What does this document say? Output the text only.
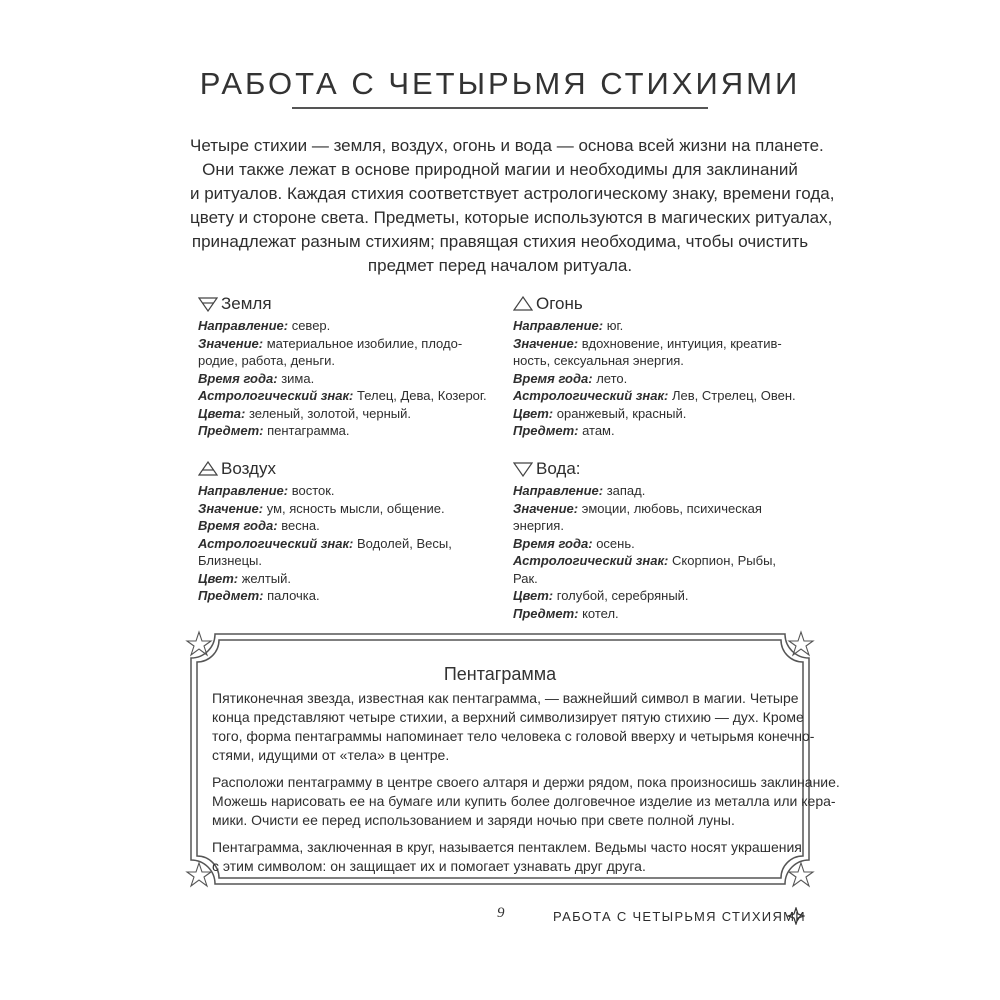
РАБОТА С ЧЕТЫРЬМЯ СТИХИЯМИ

Четыре стихии — земля, воздух, огонь и вода — основа всей жизни на планете.
Они также лежат в основе природной магии и необходимы для заклинаний
и ритуалов. Каждая стихия соответствует астрологическому знаку, времени года,
цвету и стороне света. Предметы, которые используются в магических ритуалах,
принадлежат разным стихиям; правящая стихия необходима, чтобы очистить
предмет перед началом ритуала.

Земля
Направление: север.
Значение: материальное изобилие, плодо-
родие, работа, деньги.
Время года: зима.
Астрологический знак: Телец, Дева, Козерог.
Цвета: зеленый, золотой, черный.
Предмет: пентаграмма.
Огонь
Направление: юг.
Значение: вдохновение, интуиция, креатив-
ность, сексуальная энергия.
Время года: лето.
Астрологический знак: Лев, Стрелец, Овен.
Цвет: оранжевый, красный.
Предмет: атам.
Воздух
Направление: восток.
Значение: ум, ясность мысли, общение.
Время года: весна.
Астрологический знак: Водолей, Весы,
Близнецы.
Цвет: желтый.
Предмет: палочка.
Вода:
Направление: запад.
Значение: эмоции, любовь, психическая
энергия.
Время года: осень.
Астрологический знак: Скорпион, Рыбы,
Рак.
Цвет: голубой, серебряный.
Предмет: котел.
Пентаграмма

Пятиконечная звезда, известная как пентаграмма, — важнейший символ в магии. Четыре
конца представляют четыре стихии, а верхний символизирует пятую стихию — дух. Кроме
того, форма пентаграммы напоминает тело человека с головой вверху и четырьмя конечно-
стями, идущими от «тела» в центре.

Расположи пентаграмму в центре своего алтаря и держи рядом, пока произносишь заклинание.
Можешь нарисовать ее на бумаге или купить более долговечное изделие из металла или кера-
мики. Очисти ее перед использованием и заряди ночью при свете полной луны.

Пентаграмма, заключенная в круг, называется пентаклем. Ведьмы часто носят украшения
с этим символом: он защищает их и помогает узнавать друг друга.

9	РАБОТА С ЧЕТЫРЬМЯ СТИХИЯМИ
